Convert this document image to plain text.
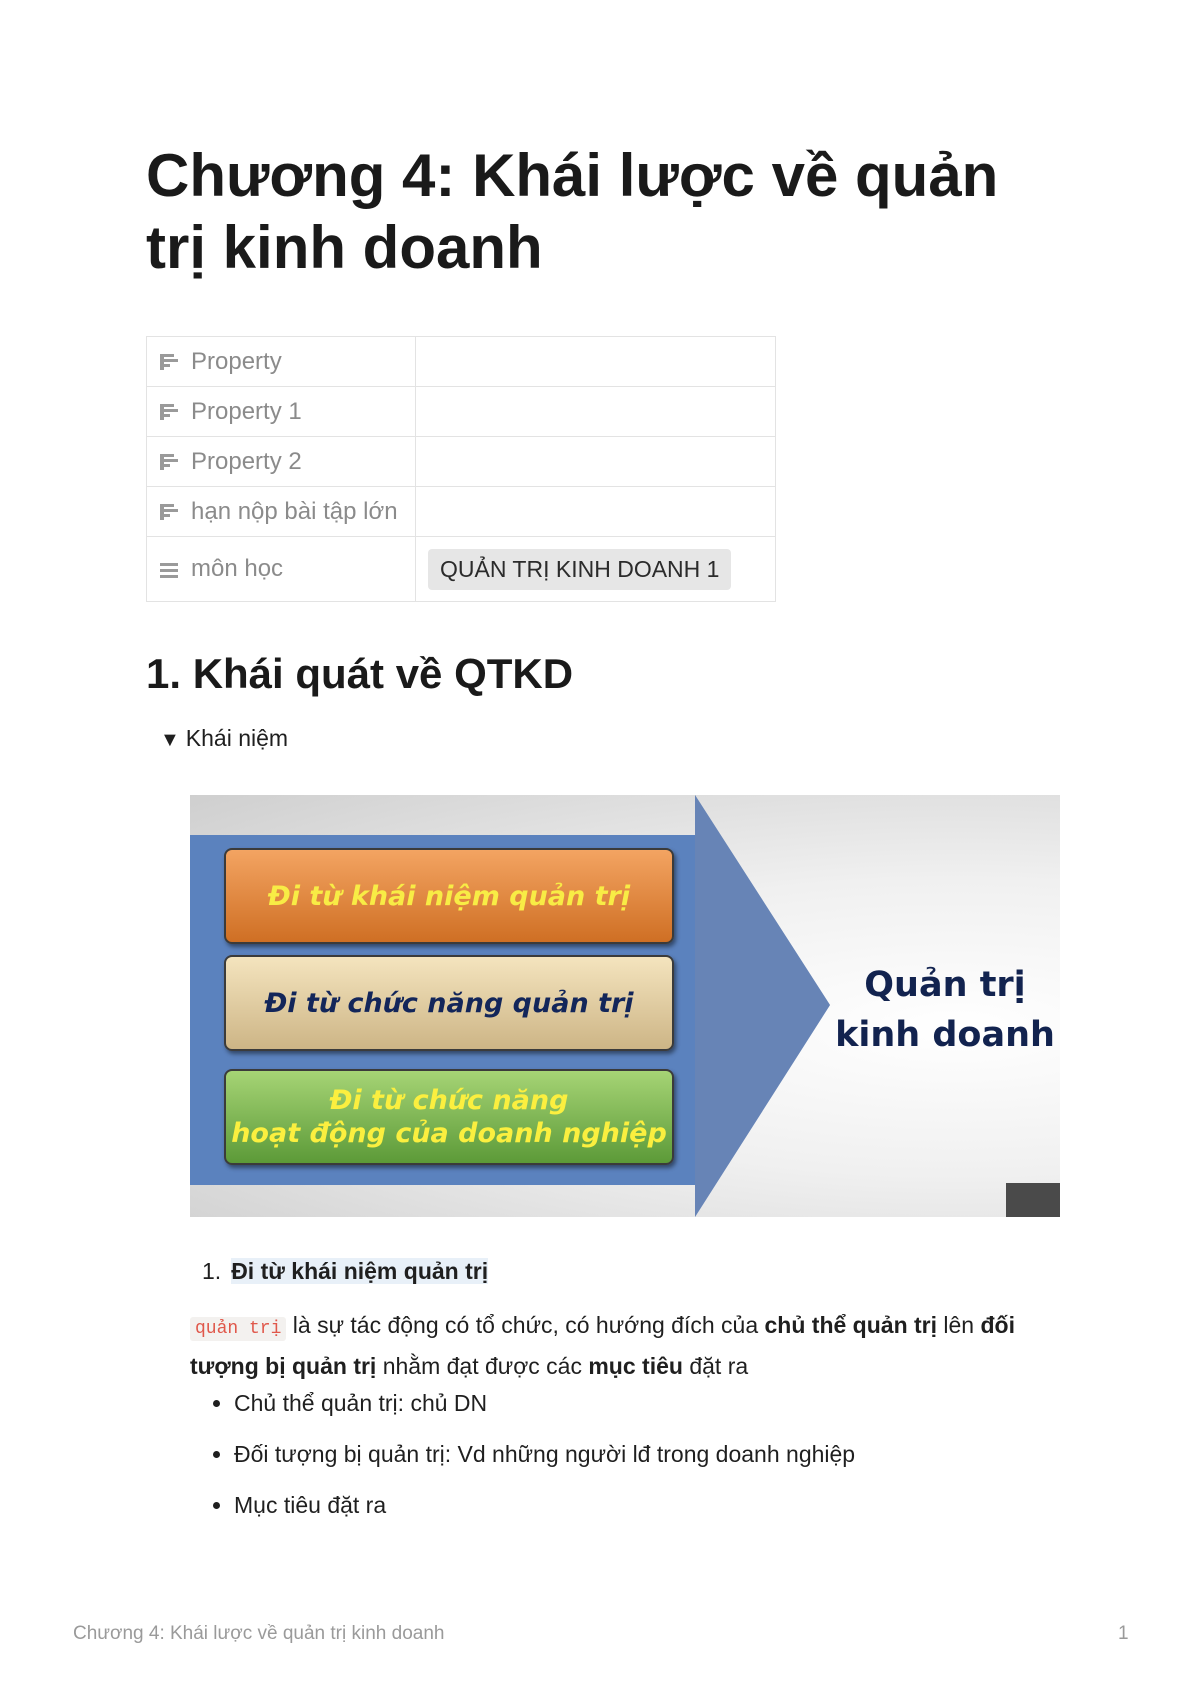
Chương 4: Khái lược về quản trị kinh doanh
Property	
Property 1	
Property 2	
hạn nộp bài tập lớn	
môn học	QUẢN TRỊ KINH DOANH 1
1. Khái quát về QTKD
▼ Khái niệm
Đi từ khái niệm quản trị
Đi từ chức năng quản trị
Đi từ chức năng
hoạt động của doanh nghiệp
Quản trị
kinh doanh
1. Đi từ khái niệm quản trị

quản trị là sự tác động có tổ chức, có hướng đích của chủ thể quản trị lên đối tượng bị quản trị nhằm đạt được các mục tiêu đặt ra

• Chủ thể quản trị: chủ DN
• Đối tượng bị quản trị: Vd những người lđ trong doanh nghiệp
• Mục tiêu đặt ra
Chương 4: Khái lược về quản trị kinh doanh	1
